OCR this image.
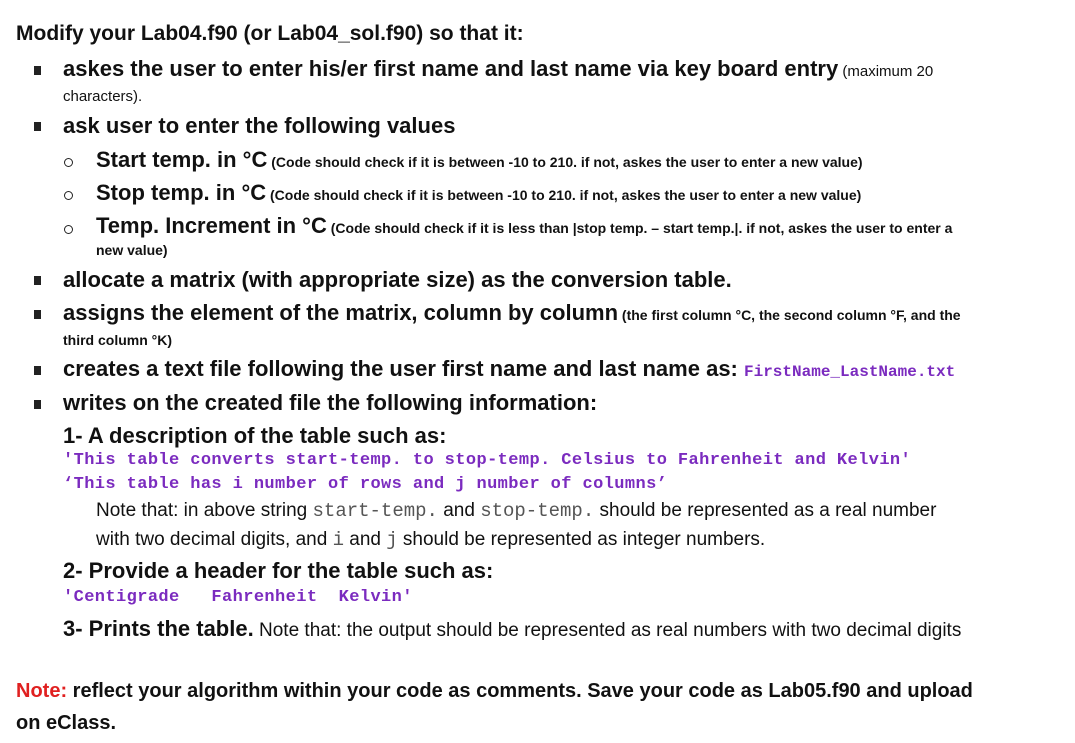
Modify your Lab04.f90 (or Lab04_sol.f90) so that it:
askes the user to enter his/er first name and last name via key board entry (maximum 20
characters).
ask user to enter the following values
Start temp. in °C (Code should check if it is between -10 to 210. if not, askes the user to enter a new value)
Stop temp. in °C (Code should check if it is between -10 to 210. if not, askes the user to enter a new value)
Temp. Increment in °C (Code should check if it is less than |stop temp. – start temp.|. if not, askes the user to enter a
new value)
allocate a matrix (with appropriate size) as the conversion table.
assigns the element of the matrix, column by column (the first column °C, the second column °F, and the
third column °K)
creates a text file following the user first name and last name as: FirstName_LastName.txt
writes on the created file the following information:
1- A description of the table such as:
'This table converts start-temp. to stop-temp. Celsius to Fahrenheit and Kelvin'
‘This table has i number of rows and j number of columns’
Note that: in above string start-temp. and stop-temp. should be represented as a real number
with two decimal digits, and i and j should be represented as integer numbers.
2- Provide a header for the table such as:
'Centigrade   Fahrenheit  Kelvin'
3- Prints the table. Note that: the output should be represented as real numbers with two decimal digits
Note: reflect your algorithm within your code as comments. Save your code as Lab05.f90 and upload
on eClass.
